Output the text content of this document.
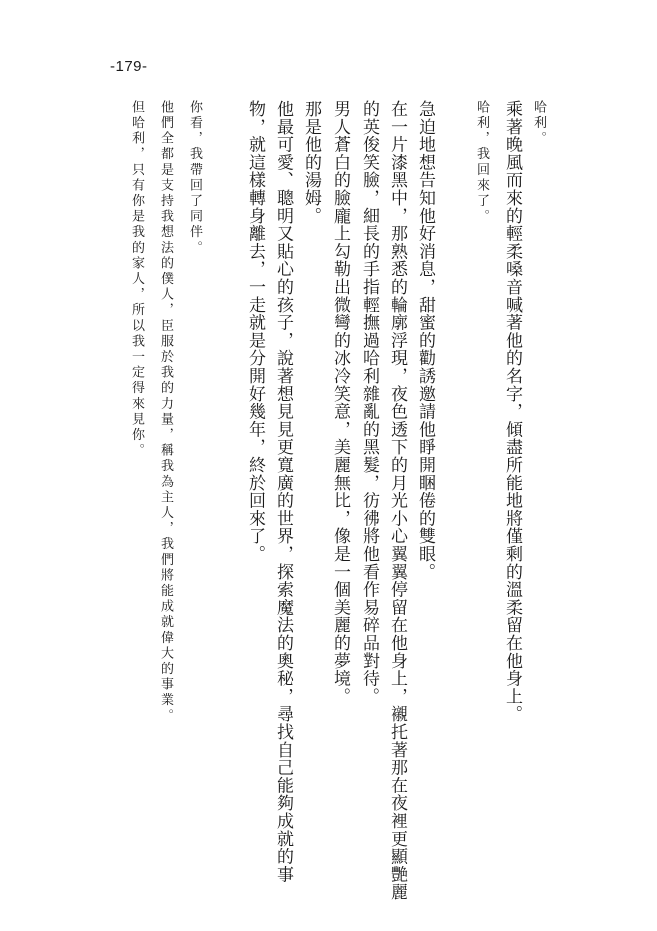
-179-
哈利。
乘著晚風而來的輕柔嗓音喊著他的名字，傾盡所能地將僅剩的溫柔留在他身上。
哈利，我回來了。
急迫地想告知他好消息，甜蜜的勸誘邀請他睜開睏倦的雙眼。
在一片漆黑中，那熟悉的輪廓浮現，夜色透下的月光小心翼翼停留在他身上，襯托著那在夜裡更顯艷麗
的英俊笑臉，細長的手指輕撫過哈利雜亂的黑髮，彷彿將他看作易碎品對待。
男人蒼白的臉龐上勾勒出微彎的冰冷笑意，美麗無比，像是一個美麗的夢境。
那是他的湯姆。
他最可愛、聰明又貼心的孩子，說著想見見更寬廣的世界，探索魔法的奧秘，尋找自己能夠成就的事
物，就這樣轉身離去，一走就是分開好幾年，終於回來了。
你看，我帶回了同伴。
他們全都是支持我想法的僕人，臣服於我的力量，稱我為主人，我們將能成就偉大的事業。
但哈利，只有你是我的家人，所以我一定得來見你。
